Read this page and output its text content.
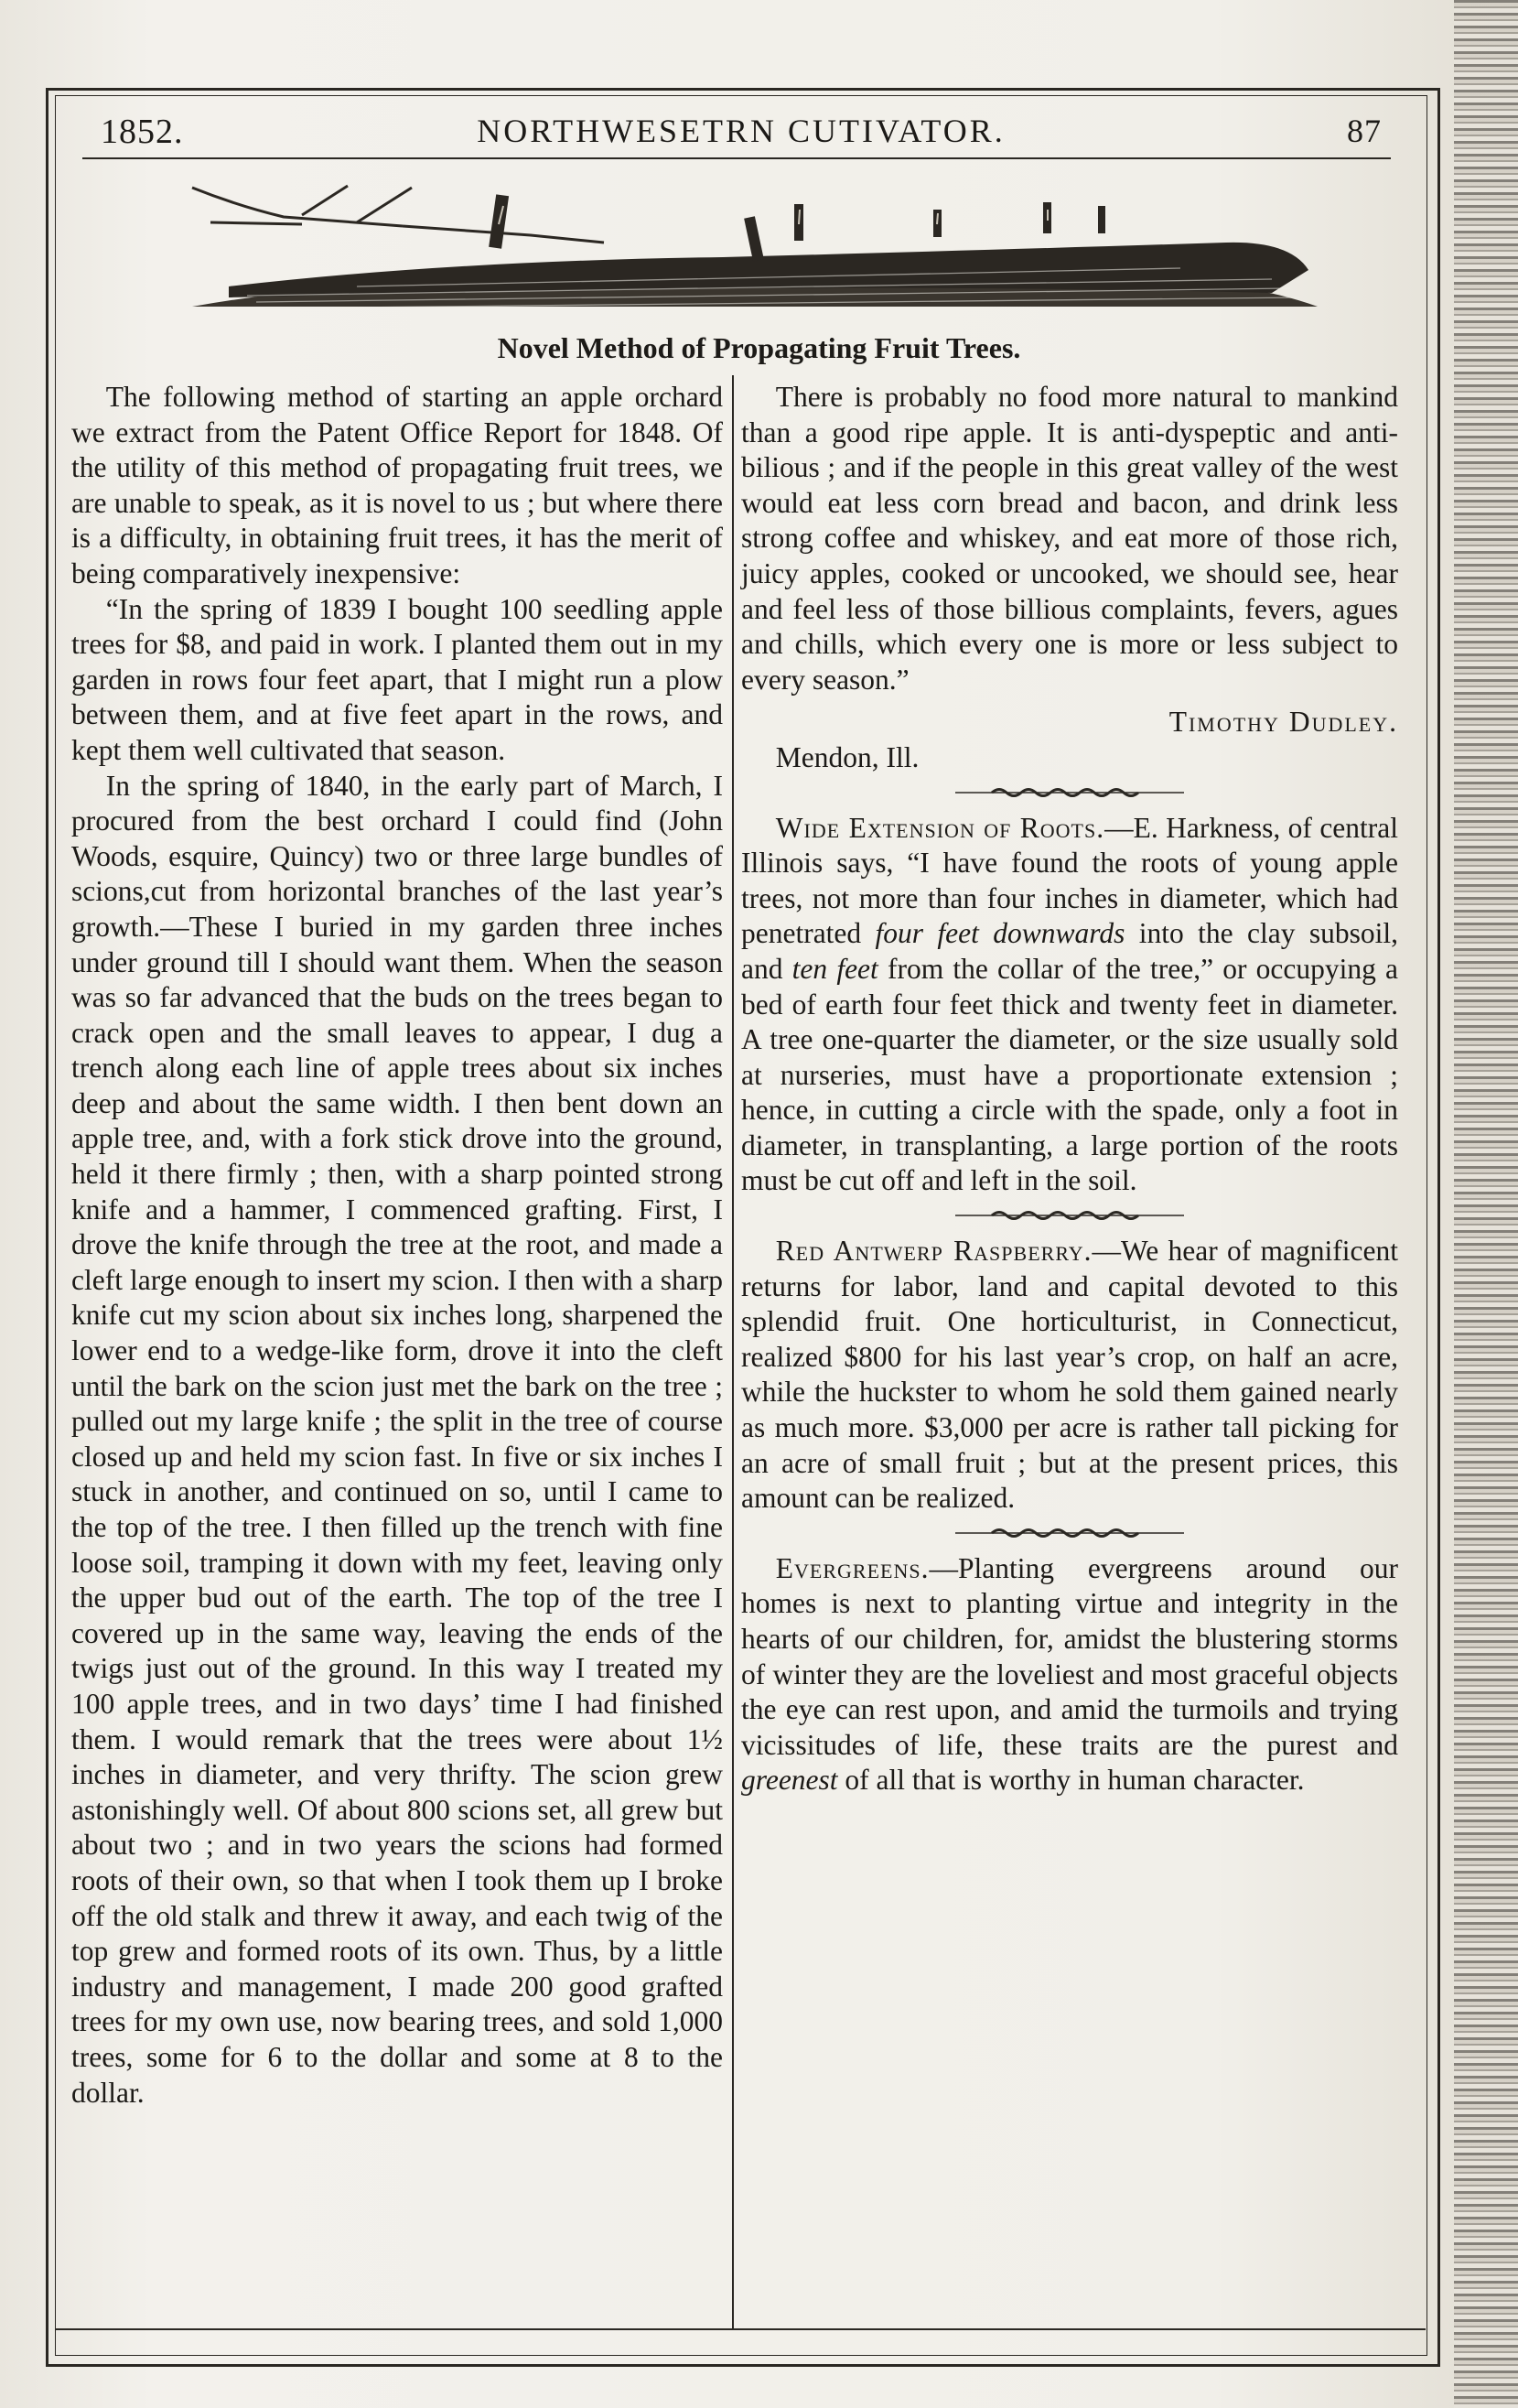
1852.	NORTHWESETRN CUTIVATOR.	87
Novel Method of Propagating Fruit Trees.

The following method of starting an apple orchard we extract from the Patent Office Report for 1848. Of the utility of this method of propagating fruit trees, we are unable to speak, as it is novel to us ; but where there is a difficulty, in obtaining fruit trees, it has the merit of being comparatively inexpensive:

“In the spring of 1839 I bought 100 seedling apple trees for $8, and paid in work. I planted them out in my garden in rows four feet apart, that I might run a plow between them, and at five feet apart in the rows, and kept them well cultivated that season.

In the spring of 1840, in the early part of March, I procured from the best orchard I could find (John Woods, esquire, Quincy) two or three large bundles of scions,cut from horizontal branches of the last year’s growth.—These I buried in my garden three inches under ground till I should want them. When the season was so far advanced that the buds on the trees began to crack open and the small leaves to appear, I dug a trench along each line of apple trees about six inches deep and about the same width. I then bent down an apple tree, and, with a fork stick drove into the ground, held it there firmly ; then, with a sharp pointed strong knife and a hammer, I commenced grafting. First, I drove the knife through the tree at the root, and made a cleft large enough to insert my scion. I then with a sharp knife cut my scion about six inches long, sharpened the lower end to a wedge-like form, drove it into the cleft until the bark on the scion just met the bark on the tree ; pulled out my large knife ; the split in the tree of course closed up and held my scion fast. In five or six inches I stuck in another, and continued on so, until I came to the top of the tree. I then filled up the trench with fine loose soil, tramping it down with my feet, leaving only the upper bud out of the earth. The top of the tree I covered up in the same way, leaving the ends of the twigs just out of the ground. In this way I treated my 100 apple trees, and in two days’ time I had finished them. I would remark that the trees were about 1½ inches in diameter, and very thrifty. The scion grew astonishingly well. Of about 800 scions set, all grew but about two ; and in two years the scions had formed roots of their own, so that when I took them up I broke off the old stalk and threw it away, and each twig of the top grew and formed roots of its own. Thus, by a little industry and management, I made 200 good grafted trees for my own use, now bearing trees, and sold 1,000 trees, some for 6 to the dollar and some at 8 to the dollar.

There is probably no food more natural to mankind than a good ripe apple. It is anti-dyspeptic and anti-bilious ; and if the people in this great valley of the west would eat less corn bread and bacon, and drink less strong coffee and whiskey, and eat more of those rich, juicy apples, cooked or uncooked, we should see, hear and feel less of those billious complaints, fevers, agues and chills, which every one is more or less subject to every season.”

Timothy Dudley.

Mendon, Ill.

Wide Extension of Roots.—E. Harkness, of central Illinois says, “I have found the roots of young apple trees, not more than four inches in diameter, which had penetrated four feet downwards into the clay subsoil, and ten feet from the collar of the tree,” or occupying a bed of earth four feet thick and twenty feet in diameter. A tree one-quarter the diameter, or the size usually sold at nurseries, must have a proportionate extension ; hence, in cutting a circle with the spade, only a foot in diameter, in transplanting, a large portion of the roots must be cut off and left in the soil.

Red Antwerp Raspberry.—We hear of magnificent returns for labor, land and capital devoted to this splendid fruit. One horticulturist, in Connecticut, realized $800 for his last year’s crop, on half an acre, while the huckster to whom he sold them gained nearly as much more. $3,000 per acre is rather tall picking for an acre of small fruit ; but at the present prices, this amount can be realized.

Evergreens.—Planting evergreens around our homes is next to planting virtue and integrity in the hearts of our children, for, amidst the blustering storms of winter they are the loveliest and most graceful objects the eye can rest upon, and amid the turmoils and trying vicissitudes of life, these traits are the purest and greenest of all that is worthy in human character.
